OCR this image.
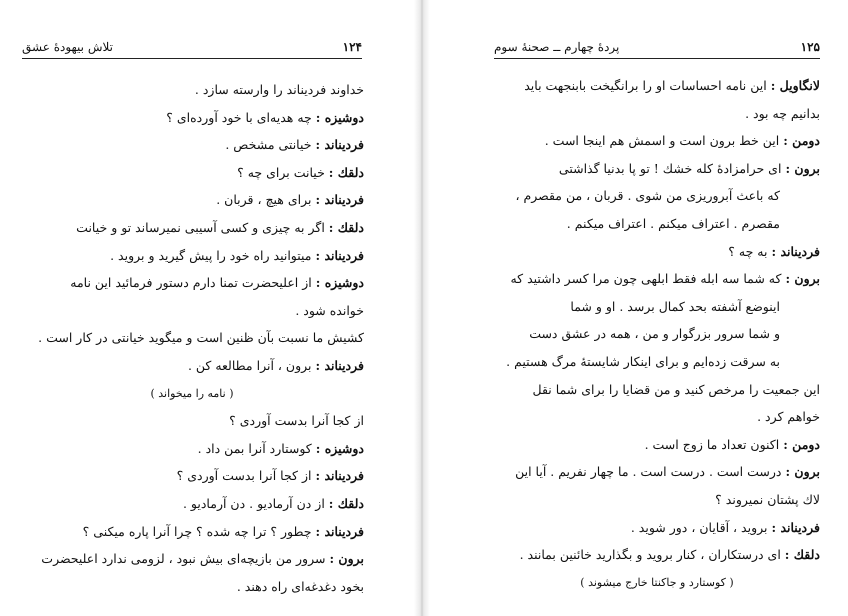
۱۲۴
تلاش بیهودهٔ عشق
خداوند فردیناند را وارسته سازد .
دوشیزه : چه هدیه‌ای با خود آورده‌ای ؟
فردیناند : خیانتی مشخص .
دلقك : خیانت برای چه ؟
فردیناند : برای هیچ ، قربان .
دلقك : اگر به چیزی و کسی آسیبی نمیرساند تو و خیانت
فردیناند : میتوانید راه خود را پیش گیرید و بروید .
دوشیزه : از اعلیحضرت تمنا دارم دستور فرمائید این نامه
خوانده شود .
کشیش ما نسبت بآن ظنین است و میگوید خیانتی در کار است .
فردیناند : برون ، آنرا مطالعه کن .
( نامه را میخواند )
از کجا آنرا بدست آوردی ؟
دوشیزه : کوستارد آنرا بمن داد .
فردیناند : از کجا آنرا بدست آوردی ؟
دلقك : از دن آرمادیو . دن آرمادیو .
فردیناند : چطور ؟ ترا چه شده ؟ چرا آنرا پاره میکنی ؟
برون : سرور من بازیچه‌ای بیش نبود ، لزومی ندارد اعلیحضرت
بخود دغدغه‌ای راه دهند .
۱۲۵
پردهٔ چهارم ــ صحنهٔ سوم
لانگاویل : این نامه احساسات او را برانگیخت بابنجهت باید
بدانیم چه بود .
دومن : این خط برون است و اسمش هم اینجا است .
برون : ای حرامزادهٔ کله خشك ! تو پا بدنیا گذاشتی
که باعث آبروریزی من شوی . قربان ، من مقصرم ،
مقصرم . اعتراف میکنم . اعتراف میکنم .
فردیناند : به چه ؟
برون : که شما سه ابله فقط ابلهی چون مرا کسر داشتید که
اینوضع آشفته بحد کمال برسد . او و شما
و شما سرور بزرگوار و من ، همه در عشق دست
به سرقت زده‌ایم و برای اینکار شایستهٔ مرگ هستیم .
این جمعیت را مرخص کنید و من قضایا را برای شما نقل
خواهم کرد .
دومن : اکنون تعداد ما زوج است .
برون : درست است . درست است . ما چهار نفریم . آیا این
لاك پشتان نمیروند ؟
فردیناند : بروید ، آقایان ، دور شوید .
دلقك : ای درستکاران ، کنار بروید و بگذارید خائنین بمانند .
( کوستارد و جاکنتا خارج میشوند )
